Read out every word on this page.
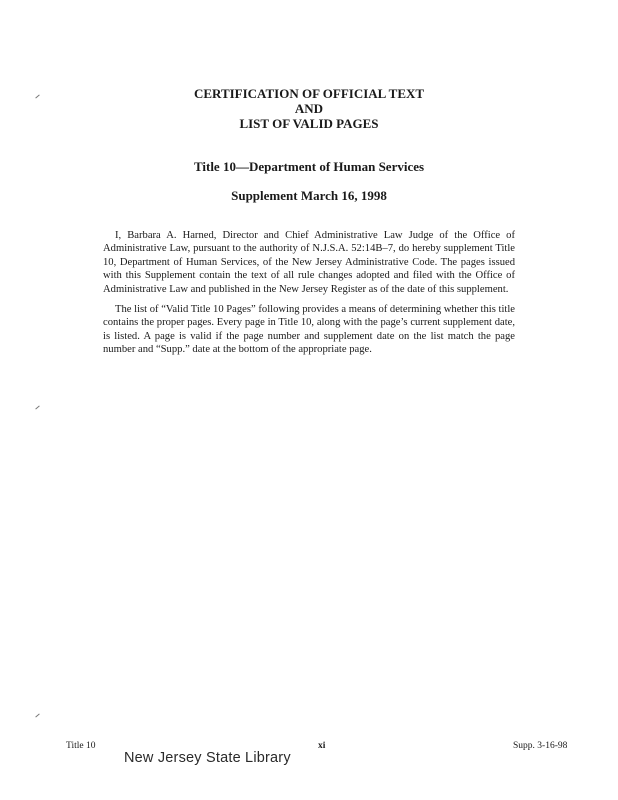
CERTIFICATION OF OFFICIAL TEXT
AND
LIST OF VALID PAGES
Title 10—Department of Human Services
Supplement March 16, 1998

I, Barbara A. Harned, Director and Chief Administrative Law Judge of the Office of Administrative Law, pursuant to the authority of N.J.S.A. 52:14B–7, do hereby supplement Title 10, Department of Human Services, of the New Jersey Administrative Code. The pages issued with this Supplement contain the text of all rule changes adopted and filed with the Office of Administrative Law and published in the New Jersey Register as of the date of this supplement.

The list of “Valid Title 10 Pages” following provides a means of determining whether this title contains the proper pages. Every page in Title 10, along with the page’s current supplement date, is listed. A page is valid if the page number and supplement date on the list match the page number and “Supp.” date at the bottom of the appropriate page.

Title 10	xi	Supp. 3-16-98
New Jersey State Library
